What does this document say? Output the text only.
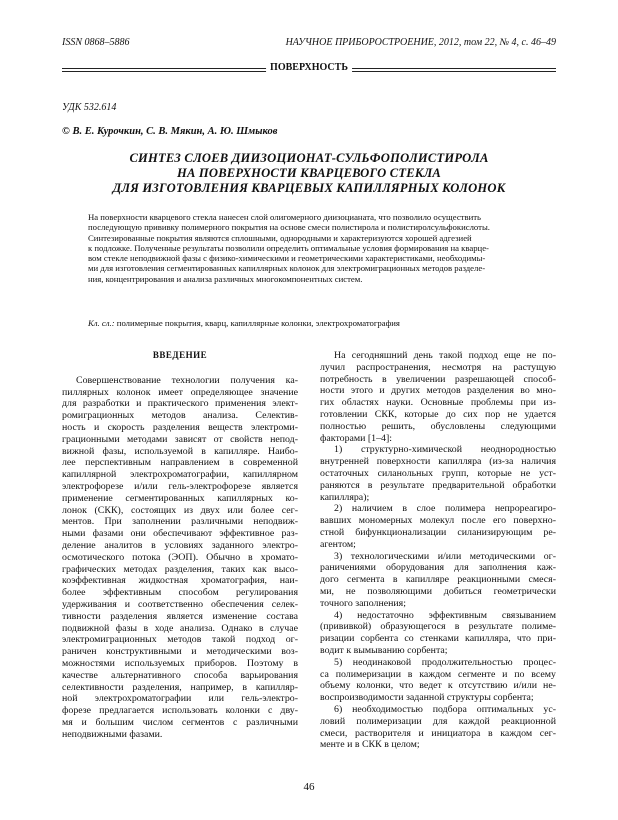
ISSN 0868–5886	НАУЧНОЕ ПРИБОРОСТРОЕНИЕ, 2012, том 22, № 4, с. 46–49
ПОВЕРХНОСТЬ
УДК 532.614
© В. Е. Курочкин, С. В. Мякин, А. Ю. Шмыков
СИНТЕЗ СЛОЕВ ДИИЗОЦИОНАТ-СУЛЬФОПОЛИСТИРОЛА
НА ПОВЕРХНОСТИ КВАРЦЕВОГО СТЕКЛА
ДЛЯ ИЗГОТОВЛЕНИЯ КВАРЦЕВЫХ КАПИЛЛЯРНЫХ КОЛОНОК
На поверхности кварцевого стекла нанесен слой олигомерного диизоцианата, что позволило осуществить
последующую прививку полимерного покрытия на основе смеси полистирола и полистиролсульфокислоты.
Синтезированные покрытия являются сплошными, однородными и характеризуются хорошей адгезией
к подложке. Полученные результаты позволили определить оптимальные условия формирования на кварце-
вом стекле неподвижной фазы с физико-химическими и геометрическими характеристиками, необходимы-
ми для изготовления сегментированных капиллярных колонок для электромиграционных методов разделе-
ния, концентрирования и анализа различных многокомпонентных систем.
Кл. сл.: полимерные покрытия, кварц, капиллярные колонки, электрохроматография
ВВЕДЕНИЕ
Совершенствование технологии получения ка-
пиллярных колонок имеет определяющее значение
для разработки и практического применения элект-
ромиграционных методов анализа. Селектив-
ность и скорость разделения веществ электроми-
грационными методами зависят от свойств непод-
вижной фазы, используемой в капилляре. Наибо-
лее перспективным направлением в современной
капиллярной электрохроматографии, капиллярном
электрофорезе и/или гель-электрофорезе является
применение сегментированных капиллярных ко-
лонок (СКК), состоящих из двух или более сег-
ментов. При заполнении различными неподвиж-
ными фазами они обеспечивают эффективное раз-
деление аналитов в условиях заданного электро-
осмотического потока (ЭОП). Обычно в хромато-
графических методах разделения, таких как высо-
коэффективная жидкостная хроматография, наи-
более эффективным способом регулирования
удерживания и соответственно обеспечения селек-
тивности разделения является изменение состава
подвижной фазы в ходе анализа. Однако в случае
электромиграционных методов такой подход ог-
раничен конструктивными и методическими воз-
можностями используемых приборов. Поэтому в
качестве альтернативного способа варьирования
селективности разделения, например, в капилляр-
ной электрохроматографии или гель-электро-
форезе предлагается использовать колонки с дву-
мя и большим числом сегментов с различными
неподвижными фазами.
На сегодняшний день такой подход еще не по-
лучил распространения, несмотря на растущую
потребность в увеличении разрешающей способ-
ности этого и других методов разделения во мно-
гих областях науки. Основные проблемы при из-
готовлении СКК, которые до сих пор не удается
полностью решить, обусловлены следующими
факторами [1–4]:
1) структурно-химической неоднородностью
внутренней поверхности капилляра (из-за наличия
остаточных силанольных групп, которые не уст-
раняются в результате предварительной обработки
капилляра);
2) наличием в слое полимера непрореагиро-
вавших мономерных молекул после его поверхно-
стной бифункционализации силанизирующим ре-
агентом;
3) технологическими и/или методическими ог-
раничениями оборудования для заполнения каж-
дого сегмента в капилляре реакционными смеся-
ми, не позволяющими добиться геометрически
точного заполнения;
4) недостаточно эффективным связыванием
(прививкой) образующегося в результате полиме-
ризации сорбента со стенками капилляра, что при-
водит к вымыванию сорбента;
5) неодинаковой продолжительностью процес-
са полимеризации в каждом сегменте и по всему
объему колонки, что ведет к отсутствию и/или не-
воспроизводимости заданной структуры сорбента;
6) необходимостью подбора оптимальных ус-
ловий полимеризации для каждой реакционной
смеси, растворителя и инициатора в каждом сег-
менте и в СКК в целом;
46
